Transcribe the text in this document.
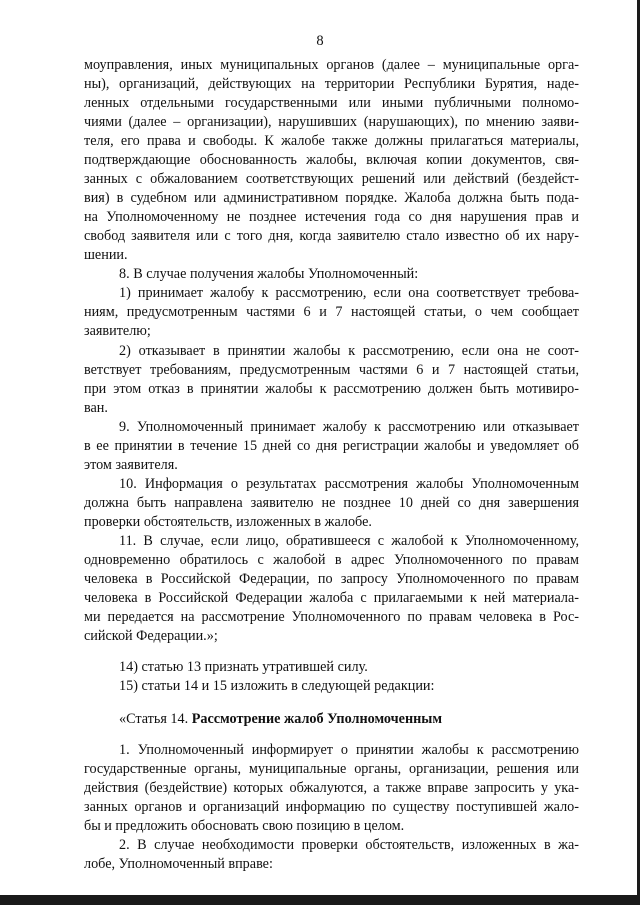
8
моуправления, иных муниципальных органов (далее – муниципальные орга-
ны), организаций, действующих на территории Республики Бурятия, наде-
ленных отдельными государственными или иными публичными полномо-
чиями (далее – организации), нарушивших (нарушающих), по мнению заяви-
теля, его права и свободы. К жалобе также должны прилагаться материалы,
подтверждающие обоснованность жалобы, включая копии документов, свя-
занных с обжалованием соответствующих решений или действий (бездейст-
вия) в судебном или административном порядке. Жалоба должна быть пода-
на Уполномоченному не позднее истечения года со дня нарушения прав и
свобод заявителя или с того дня, когда заявителю стало известно об их нару-
шении.
8. В случае получения жалобы Уполномоченный:
1) принимает жалобу к рассмотрению, если она соответствует требова-
ниям, предусмотренным частями 6 и 7 настоящей статьи, о чем сообщает
заявителю;
2) отказывает в принятии жалобы к рассмотрению, если она не соот-
ветствует требованиям, предусмотренным частями 6 и 7 настоящей статьи,
при этом отказ в принятии жалобы к рассмотрению должен быть мотивиро-
ван.
9. Уполномоченный принимает жалобу к рассмотрению или отказывает
в ее принятии в течение 15 дней со дня регистрации жалобы и уведомляет об
этом заявителя.
10. Информация о результатах рассмотрения жалобы Уполномоченным
должна быть направлена заявителю не позднее 10 дней со дня завершения
проверки обстоятельств, изложенных в жалобе.
11. В случае, если лицо, обратившееся с жалобой к Уполномоченному,
одновременно обратилось с жалобой в адрес Уполномоченного по правам
человека в Российской Федерации, по запросу Уполномоченного по правам
человека в Российской Федерации жалоба с прилагаемыми к ней материала-
ми передается на рассмотрение Уполномоченного по правам человека в Рос-
сийской Федерации.»;
14) статью 13 признать утратившей силу.
15) статьи 14 и 15 изложить в следующей редакции:
«Статья 14. Рассмотрение жалоб Уполномоченным
1. Уполномоченный информирует о принятии жалобы к рассмотрению
государственные органы, муниципальные органы, организации, решения или
действия (бездействие) которых обжалуются, а также вправе запросить у ука-
занных органов и организаций информацию по существу поступившей жало-
бы и предложить обосновать свою позицию в целом.
2. В случае необходимости проверки обстоятельств, изложенных в жа-
лобе, Уполномоченный вправе:
